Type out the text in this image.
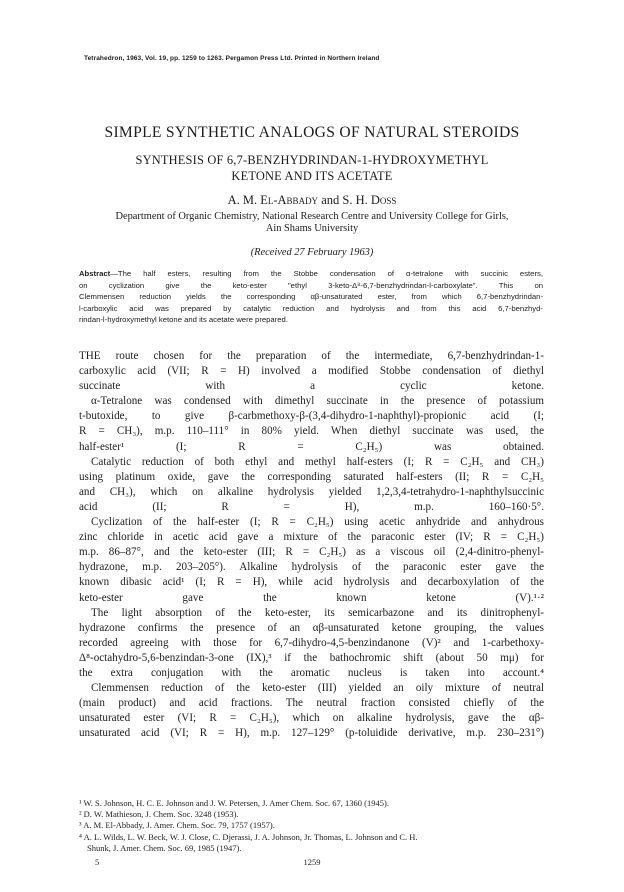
Tetrahedron, 1963, Vol. 19, pp. 1259 to 1263. Pergamon Press Ltd. Printed in Northern Ireland
SIMPLE SYNTHETIC ANALOGS OF NATURAL STEROIDS
SYNTHESIS OF 6,7-BENZHYDRINDAN-1-HYDROXYMETHYL
KETONE AND ITS ACETATE
A. M. El-Abbady and S. H. Doss
Department of Organic Chemistry, National Research Centre and University College for Girls,
Ain Shams University
(Received 27 February 1963)
Abstract—The half esters, resulting from the Stobbe condensation of α-tetralone with succinic esters,
on cyclization give the keto-ester "ethyl 3-keto-Δ⁸-6,7-benzhydrindan-l-carboxylate". This on
Clemmensen reduction yields the corresponding αβ-unsaturated ester, from which 6,7-benzhydrindan-
l-carboxylic acid was prepared by catalytic reduction and hydrolysis and from this acid 6,7-benzhyd-
rindan-l-hydroxymethyl ketone and its acetate were prepared.
THE route chosen for the preparation of the intermediate, 6,7-benzhydrindan-1-
carboxylic acid (VII; R = H) involved a modified Stobbe condensation of diethyl
succinate with a cyclic ketone.
α-Tetralone was condensed with dimethyl succinate in the presence of potassium
t-butoxide, to give β-carbmethoxy-β-(3,4-dihydro-1-naphthyl)-propionic acid (I;
R = CH₃), m.p. 110–111° in 80% yield. When diethyl succinate was used, the
half-ester¹ (I; R = C₂H₅) was obtained.
Catalytic reduction of both ethyl and methyl half-esters (I; R = C₂H₅ and CH₃)
using platinum oxide, gave the corresponding saturated half-esters (II; R = C₂H₅
and CH₃), which on alkaline hydrolysis yielded 1,2,3,4-tetrahydro-1-naphthylsuccinic
acid (II; R = H), m.p. 160–160·5°.
Cyclization of the half-ester (I; R = C₂H₅) using acetic anhydride and anhydrous
zinc chloride in acetic acid gave a mixture of the paraconic ester (IV; R = C₂H₅)
m.p. 86–87°, and the keto-ester (III; R = C₂H₅) as a viscous oil (2,4-dinitro-phenyl-
hydrazone, m.p. 203–205°). Alkaline hydrolysis of the paraconic ester gave the
known dibasic acid¹ (I; R = H), while acid hydrolysis and decarboxylation of the
keto-ester gave the known ketone (V).¹·²
The light absorption of the keto-ester, its semicarbazone and its dinitrophenyl-
hydrazone confirms the presence of an αβ-unsaturated ketone grouping, the values
recorded agreeing with those for 6,7-dihydro-4,5-benzindanone (V)² and 1-carbethoxy-
Δ⁸-octahydro-5,6-benzindan-3-one (IX),³ if the bathochromic shift (about 50 mμ) for
the extra conjugation with the aromatic nucleus is taken into account.⁴
Clemmensen reduction of the keto-ester (III) yielded an oily mixture of neutral
(main product) and acid fractions. The neutral fraction consisted chiefly of the
unsaturated ester (VI; R = C₂H₅), which on alkaline hydrolysis, gave the αβ-
unsaturated acid (VI; R = H), m.p. 127–129° (p-toluidide derivative, m.p. 230–231°)
¹ W. S. Johnson, H. C. E. Johnson and J. W. Petersen, J. Amer Chem. Soc. 67, 1360 (1945).
² D. W. Mathieson, J. Chem. Soc. 3248 (1953).
³ A. M. El-Abbady, J. Amer. Chem. Soc. 79, 1757 (1957).
⁴ A. L. Wilds, L. W. Beck, W. J. Close, C. Djerassi, J. A. Johnson, Jr. Thomas, L. Johnson and C. H.
Shunk, J. Amer. Chem. Soc. 69, 1985 (1947).
5	1259
